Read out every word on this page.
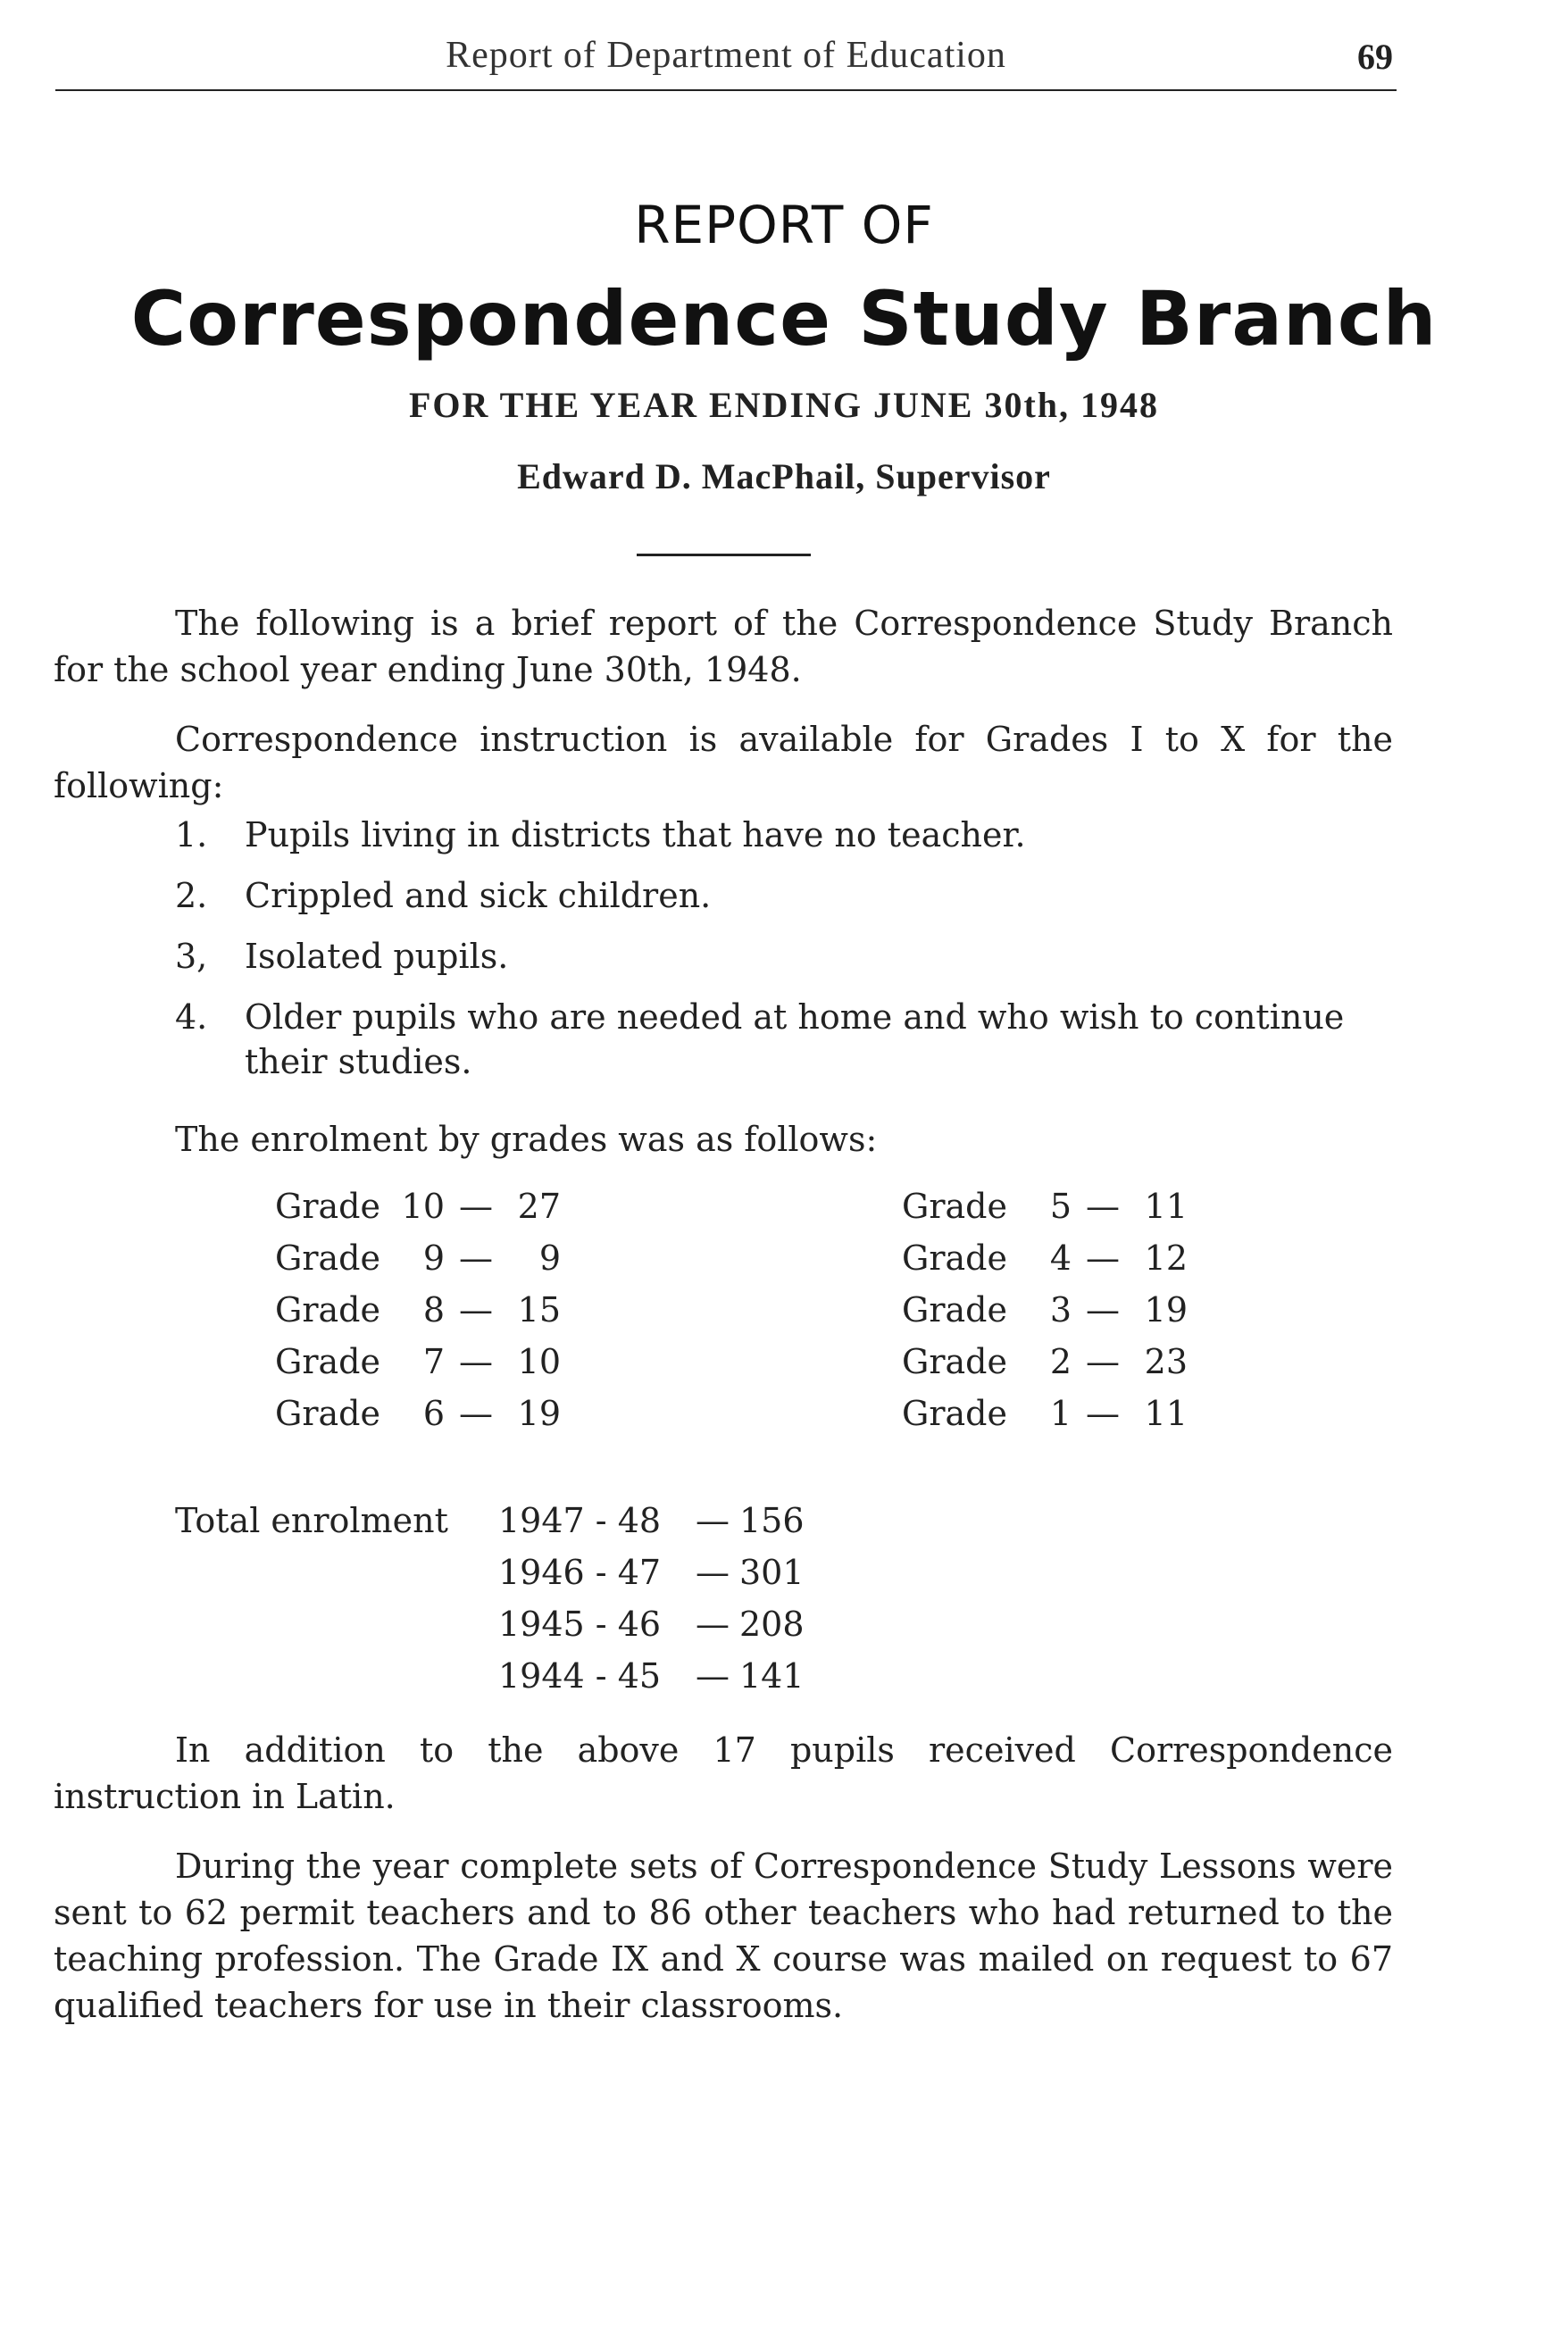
Report of Department of Education	69
REPORT OF
Correspondence Study Branch
FOR THE YEAR ENDING JUNE 30th, 1948
Edward D. MacPhail, Supervisor

The following is a brief report of the Correspondence Study Branch for the school year ending June 30th, 1948.

Correspondence instruction is available for Grades I to X for the following:

1. Pupils living in districts that have no teacher.
2. Crippled and sick children.
3, Isolated pupils.
4. Older pupils who are needed at home and who wish to continue their studies.
The enrolment by grades was as follows:
Grade 10 — 27
Grade 9 — 9
Grade 8 — 15
Grade 7 — 10
Grade 6 — 19
Grade 5 — 11
Grade 4 — 12
Grade 3 — 19
Grade 2 — 23
Grade 1 — 11
Total enrolment 1947 - 48 — 156
1946 - 47 — 301
1945 - 46 — 208
1944 - 45 — 141

In addition to the above 17 pupils received Correspondence instruction in Latin.

During the year complete sets of Correspondence Study Lessons were sent to 62 permit teachers and to 86 other teachers who had returned to the teaching profession. The Grade IX and X course was mailed on request to 67 qualified teachers for use in their classrooms.
